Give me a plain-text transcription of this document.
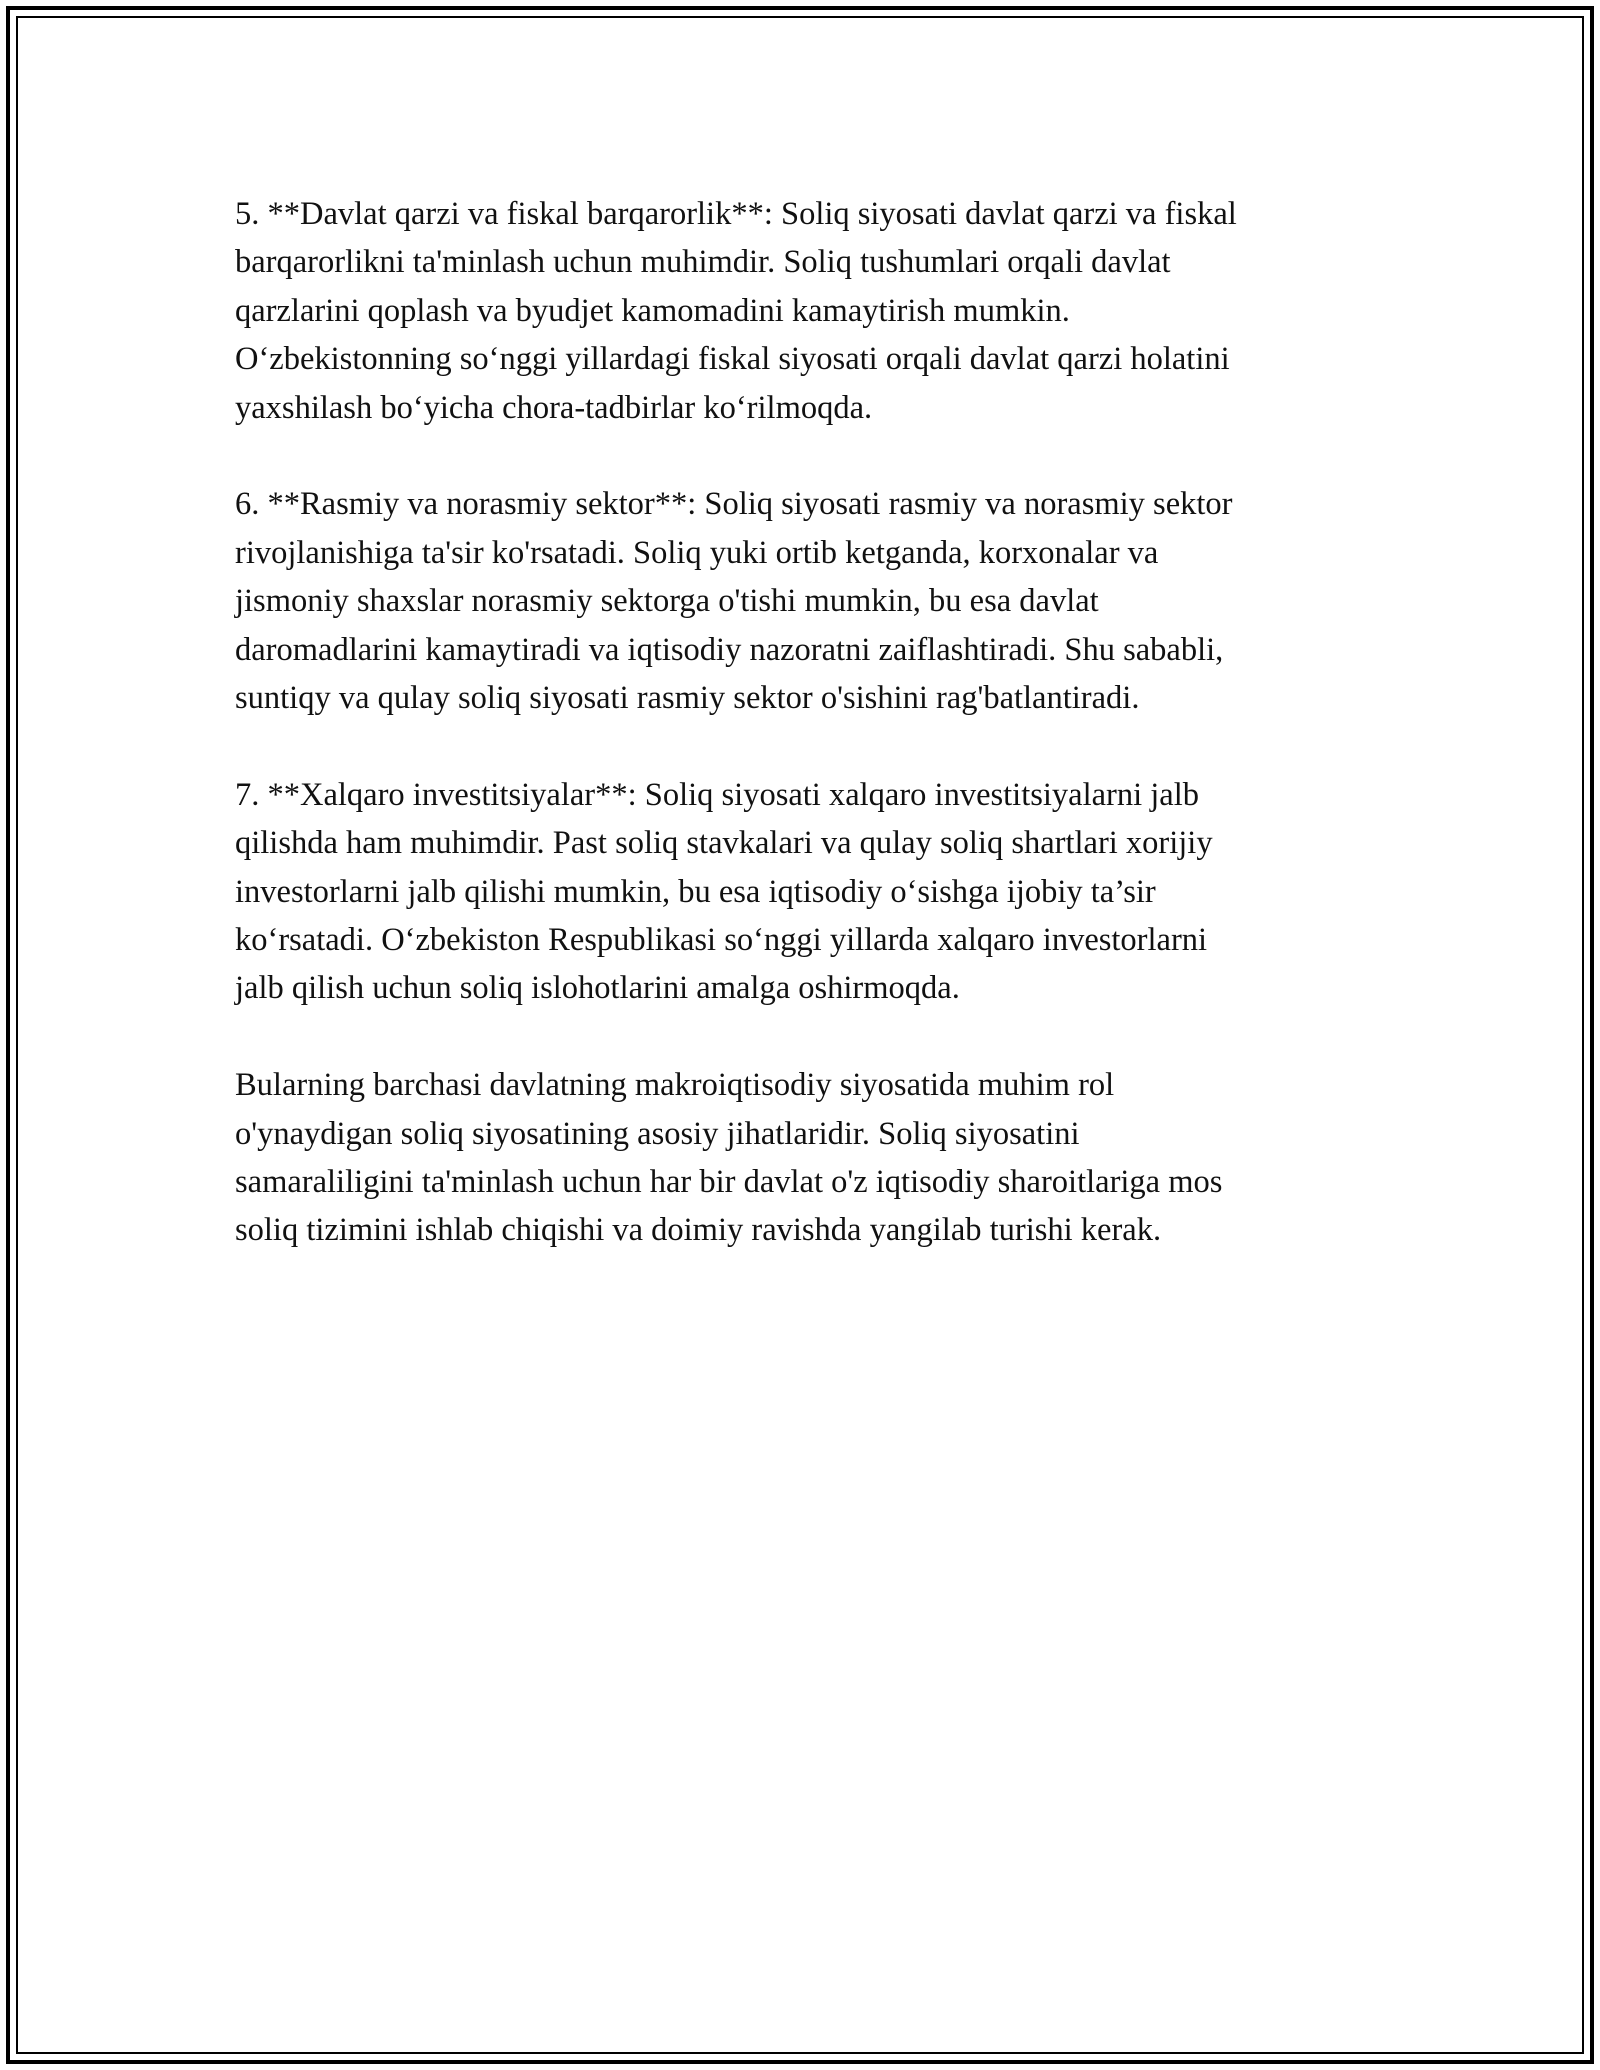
5. **Davlat qarzi va fiskal barqarorlik**: Soliq siyosati davlat qarzi va fiskal
barqarorlikni ta'minlash uchun muhimdir. Soliq tushumlari orqali davlat
qarzlarini qoplash va byudjet kamomadini kamaytirish mumkin.
O‘zbekistonning so‘nggi yillardagi fiskal siyosati orqali davlat qarzi holatini
yaxshilash bo‘yicha chora-tadbirlar ko‘rilmoqda.

6. **Rasmiy va norasmiy sektor**: Soliq siyosati rasmiy va norasmiy sektor
rivojlanishiga ta'sir ko'rsatadi. Soliq yuki ortib ketganda, korxonalar va
jismoniy shaxslar norasmiy sektorga o'tishi mumkin, bu esa davlat
daromadlarini kamaytiradi va iqtisodiy nazoratni zaiflashtiradi. Shu sababli,
suntiqy va qulay soliq siyosati rasmiy sektor o'sishini rag'batlantiradi.

7. **Xalqaro investitsiyalar**: Soliq siyosati xalqaro investitsiyalarni jalb
qilishda ham muhimdir. Past soliq stavkalari va qulay soliq shartlari xorijiy
investorlarni jalb qilishi mumkin, bu esa iqtisodiy o‘sishga ijobiy ta’sir
ko‘rsatadi. O‘zbekiston Respublikasi so‘nggi yillarda xalqaro investorlarni
jalb qilish uchun soliq islohotlarini amalga oshirmoqda.

Bularning barchasi davlatning makroiqtisodiy siyosatida muhim rol
o'ynaydigan soliq siyosatining asosiy jihatlaridir. Soliq siyosatini
samaraliligini ta'minlash uchun har bir davlat o'z iqtisodiy sharoitlariga mos
soliq tizimini ishlab chiqishi va doimiy ravishda yangilab turishi kerak.
